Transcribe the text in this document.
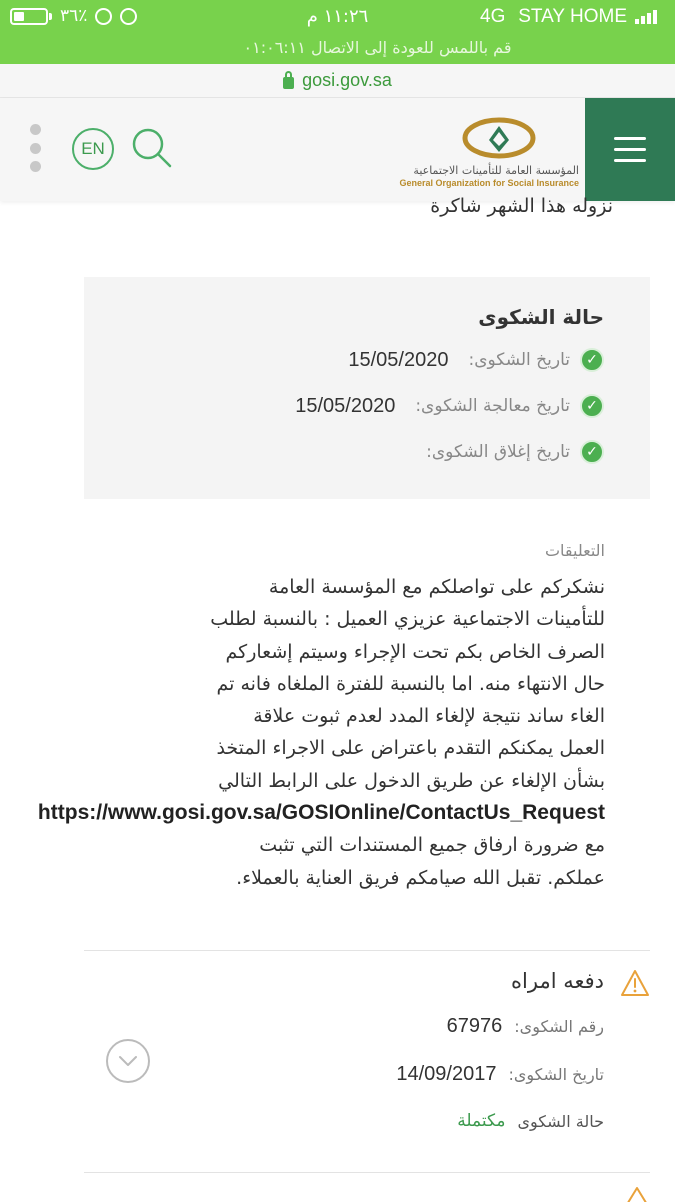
STAY HOME
4G
١١:٢٦ م
٣٦٪
قم باللمس للعودة إلى الاتصال ٠١:٠٦:١١
gosi.gov.sa
المؤسسة العامة للتأمينات الاجتماعية
General Organization for Social Insurance
EN
نزوله هذا الشهر شاكرة
حالة الشكوى
✓
تاريخ الشكوى:
15/05/2020
✓
تاريخ معالجة الشكوى:
15/05/2020
✓
تاريخ إغلاق الشكوى:
التعليقات
نشكركم على تواصلكم مع المؤسسة العامة
للتأمينات الاجتماعية عزيزي العميل : بالنسبة لطلب
الصرف الخاص بكم تحت الإجراء وسيتم إشعاركم
حال الانتهاء منه. اما بالنسبة للفترة الملغاه فانه تم
الغاء ساند نتيجة لإلغاء المدد لعدم ثبوت علاقة
العمل يمكنكم التقدم باعتراض على الاجراء المتخذ
بشأن الإلغاء عن طريق الدخول على الرابط التالي
https://www.gosi.gov.sa/GOSIOnline/ContactUs_Request
مع ضرورة ارفاق جميع المستندات التي تثبت
عملكم. تقبل الله صيامكم فريق العناية بالعملاء.
دفعه امراه
رقم الشكوى:
67976
تاريخ الشكوى:
14/09/2017
حالة الشكوى
مكتملة
